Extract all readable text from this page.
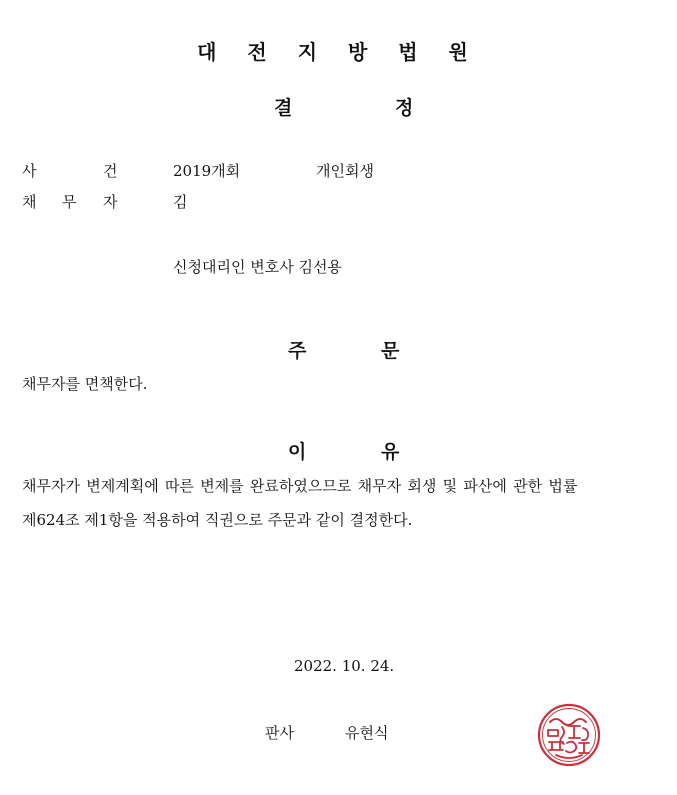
대 전 지 방 법 원
결	정
사	건	2019개회	개인회생
채 무 자	김
신청대리인 변호사 김선용
주	문
채무자를 면책한다.
이	유
채무자가 변제계획에 따른 변제를 완료하였으므로 채무자 회생 및 파산에 관한 법률
제624조 제1항을 적용하여 직권으로 주문과 같이 결정한다.
2022. 10. 24.
판사	유현식
